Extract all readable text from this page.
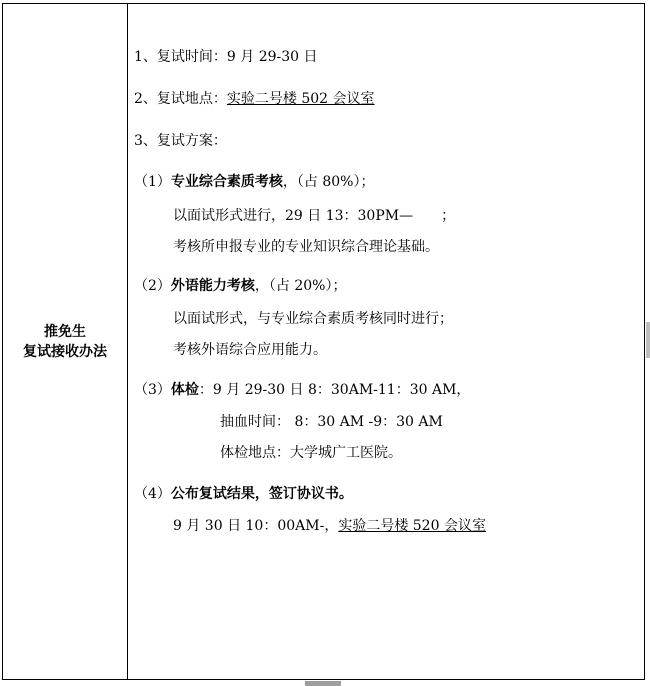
推免生
复试接收办法
1、复试时间：9 月 29-30 日
2、复试地点：实验二号楼 502 会议室
3、复试方案：
（1）专业综合素质考核，（占 80%）；
以面试形式进行，29 日 13：30PM—　　；
考核所申报专业的专业知识综合理论基础。
（2）外语能力考核，（占 20%）；
以面试形式，与专业综合素质考核同时进行；
考核外语综合应用能力。
（3）体检：9 月 29-30 日 8：30AM-11：30 AM，
抽血时间： 8：30 AM -9：30 AM
体检地点：大学城广工医院。
（4）公布复试结果，签订协议书。
9 月 30 日 10：00AM-，实验二号楼 520 会议室
